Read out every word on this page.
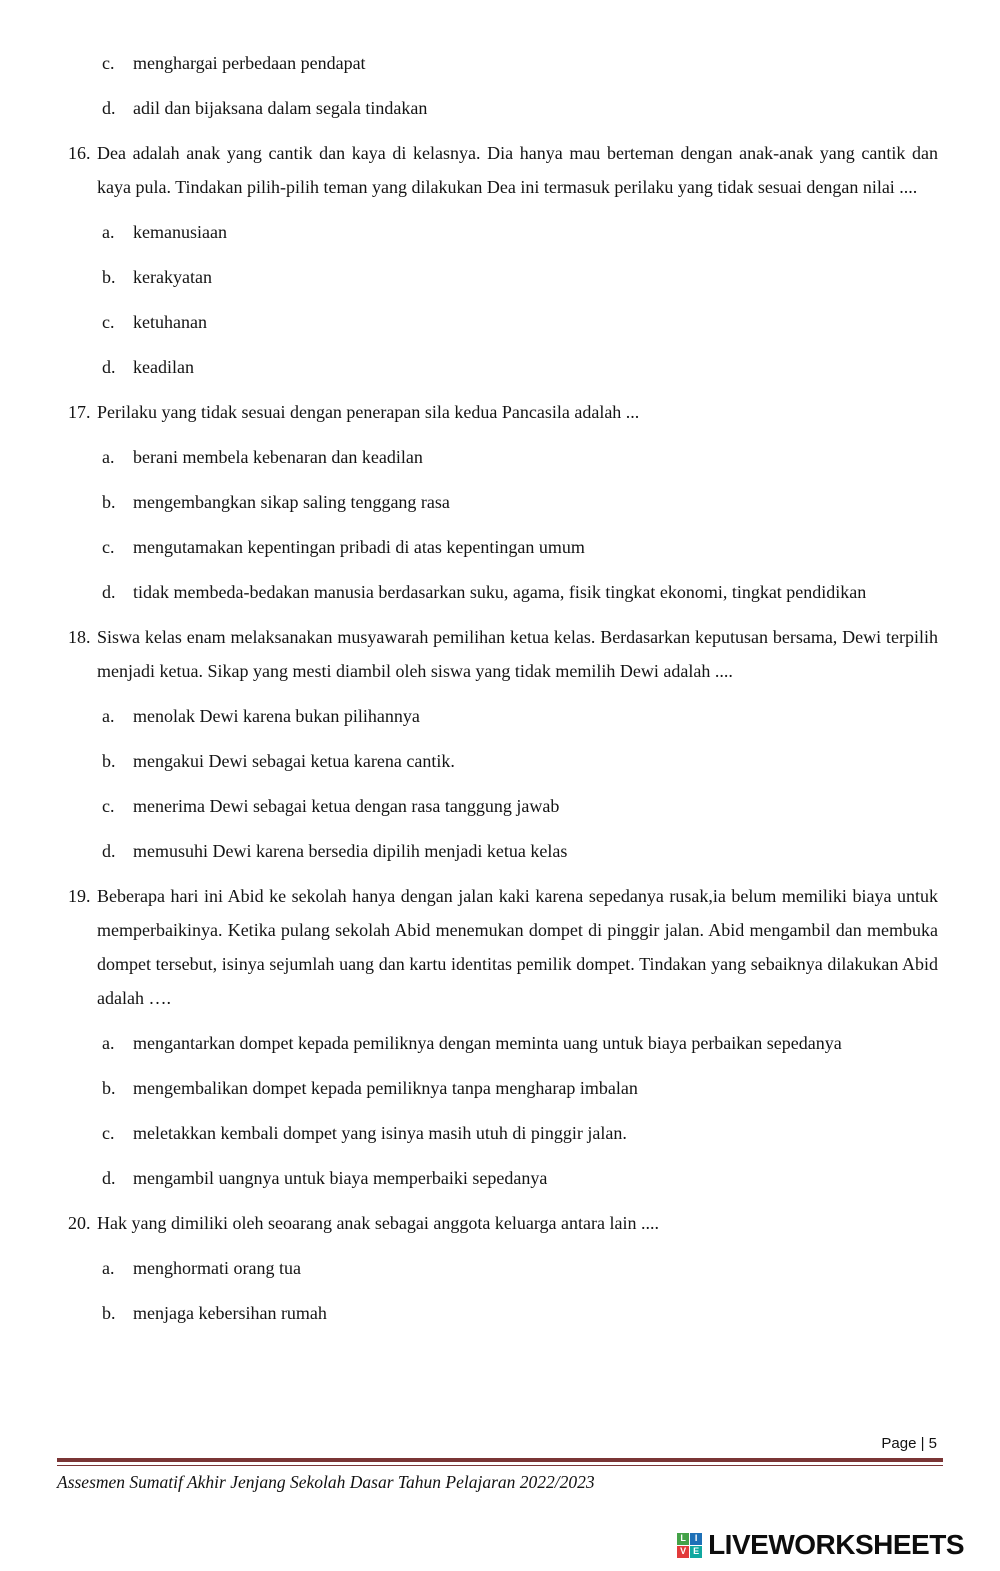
c. menghargai perbedaan pendapat
d. adil dan bijaksana dalam segala tindakan
16. Dea adalah anak yang cantik dan kaya di kelasnya. Dia hanya mau berteman dengan anak-anak yang cantik dan kaya pula. Tindakan pilih-pilih teman yang dilakukan Dea ini termasuk perilaku yang tidak sesuai dengan nilai ....
a. kemanusiaan
b. kerakyatan
c. ketuhanan
d. keadilan
17. Perilaku yang tidak sesuai dengan penerapan sila kedua Pancasila adalah ...
a. berani membela kebenaran dan keadilan
b. mengembangkan sikap saling tenggang rasa
c. mengutamakan kepentingan pribadi di atas kepentingan umum
d. tidak membeda-bedakan manusia berdasarkan suku, agama, fisik tingkat ekonomi, tingkat pendidikan
18. Siswa kelas enam melaksanakan musyawarah pemilihan ketua kelas. Berdasarkan keputusan bersama, Dewi terpilih menjadi ketua. Sikap yang mesti diambil oleh siswa yang tidak memilih Dewi adalah ....
a. menolak Dewi karena bukan pilihannya
b. mengakui Dewi sebagai ketua karena cantik.
c. menerima Dewi sebagai ketua dengan rasa tanggung jawab
d. memusuhi Dewi karena bersedia dipilih menjadi ketua kelas
19. Beberapa hari ini Abid ke sekolah hanya dengan jalan kaki karena sepedanya rusak,ia belum memiliki biaya untuk memperbaikinya. Ketika pulang sekolah Abid menemukan dompet di pinggir jalan. Abid mengambil dan membuka dompet tersebut, isinya sejumlah uang dan kartu identitas pemilik dompet. Tindakan yang sebaiknya dilakukan Abid adalah ….
a. mengantarkan dompet kepada pemiliknya dengan meminta uang untuk biaya perbaikan sepedanya
b. mengembalikan dompet kepada pemiliknya tanpa mengharap imbalan
c. meletakkan kembali dompet yang isinya masih utuh di pinggir jalan.
d. mengambil uangnya untuk biaya memperbaiki sepedanya
20. Hak yang dimiliki oleh seoarang anak sebagai anggota keluarga antara lain ....
a. menghormati orang tua
b. menjaga kebersihan rumah
Page | 5
Assesmen Sumatif Akhir Jenjang Sekolah Dasar Tahun Pelajaran 2022/2023
L I
V E LIVEWORKSHEETS
